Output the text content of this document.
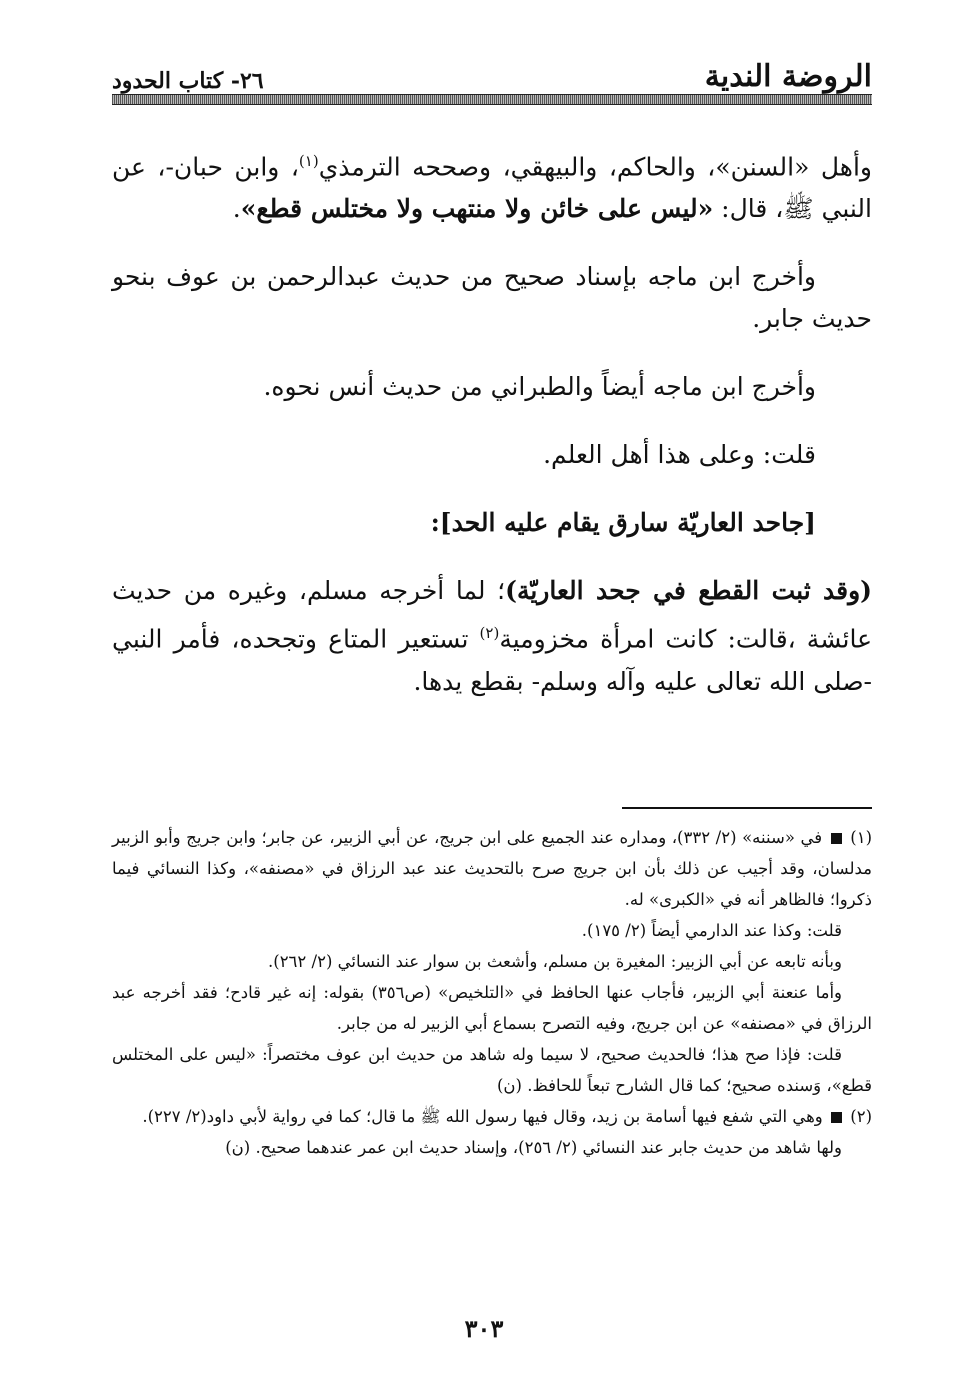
الروضة الندية
٢٦- كتاب الحدود

وأهل «السنن»، والحاكم، والبيهقي، وصححه الترمذي$^{(١)}$، وابن حبان-، عن النبي ﷺ، قال: «ليس على خائن ولا منتهب ولا مختلس قطع».

وأخرج ابن ماجه بإسناد صحيح من حديث عبدالرحمن بن عوف بنحو حديث جابر.

وأخرج ابن ماجه أيضاً والطبراني من حديث أنس نحوه.

قلت: وعلى هذا أهل العلم.

[جاحد العاريّة سارق يقام عليه الحد]:

(وقد ثبت القطع في جحد العاريّة)؛ لما أخرجه مسلم، وغيره من حديث عائشة ،قالت: كانت امرأة مخزومية$^{(٢)}$ تستعير المتاع وتجحده، فأمر النبي -صلى الله تعالى عليه وآله وسلم- بقطع يدها.

(١)  في «سننه» (٢/ ٣٣٢)، ومداره عند الجميع على ابن جريج، عن أبي الزبير، عن جابر؛ وابن جريج وأبو الزبير مدلسان، وقد أجيب عن ذلك بأن ابن جريج صرح بالتحديث عند عبد الرزاق في «مصنفه»، وكذا النسائي فيما ذكروا؛ فالظاهر أنه في «الكبرى» له.

قلت: وكذا عند الدارمي أيضاً (٢/ ١٧٥).

وبأنه تابعه عن أبي الزبير: المغيرة بن مسلم، وأشعث بن سوار عند النسائي (٢/ ٢٦٢).

وأما عنعنة أبي الزبير، فأجاب عنها الحافظ في «التلخيص» (ص٣٥٦) بقوله: إنه غير قادح؛ فقد أخرجه عبد الرزاق في «مصنفه» عن ابن جريج، وفيه التصرح بسماع أبي الزبير له من جابر.

قلت: فإذا صح هذا؛ فالحديث صحيح، لا سيما وله شاهد من حديث ابن عوف مختصراً: «ليس على المختلس قطع»، وَسنده صحيح؛ كما قال الشارح تبعاً للحافظ. (ن)

(٢)  وهي التي شفع فيها أسامة بن زيد، وقال فيها رسول الله ﷺ ما قال؛ كما في رواية لأبي داود(٢/ ٢٢٧).

ولها شاهد من حديث جابر عند النسائي (٢/ ٢٥٦)، وإسناد حديث ابن عمر عندهما صحيح. (ن)

٣٠٣
